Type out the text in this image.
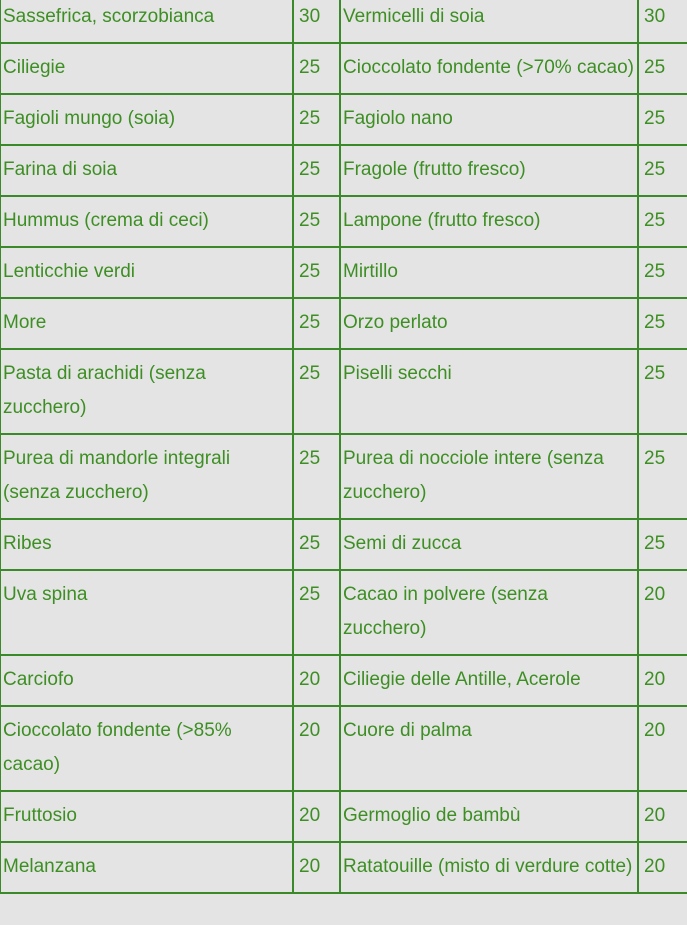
Sassefrica, scorzobianca	30	Vermicelli di soia	30
Ciliegie	25	Cioccolato fondente (>70% cacao)	25
Fagioli mungo (soia)	25	Fagiolo nano	25
Farina di soia	25	Fragole (frutto fresco)	25
Hummus (crema di ceci)	25	Lampone (frutto fresco)	25
Lenticchie verdi	25	Mirtillo	25
More	25	Orzo perlato	25
Pasta di arachidi (senza zucchero)	25	Piselli secchi	25
Purea di mandorle integrali (senza zucchero)	25	Purea di nocciole intere (senza zucchero)	25
Ribes	25	Semi di zucca	25
Uva spina	25	Cacao in polvere (senza zucchero)	20
Carciofo	20	Ciliegie delle Antille, Acerole	20
Cioccolato fondente (>85% cacao)	20	Cuore di palma	20
Fruttosio	20	Germoglio de bambù	20
Melanzana	20	Ratatouille (misto di verdure cotte)	20
